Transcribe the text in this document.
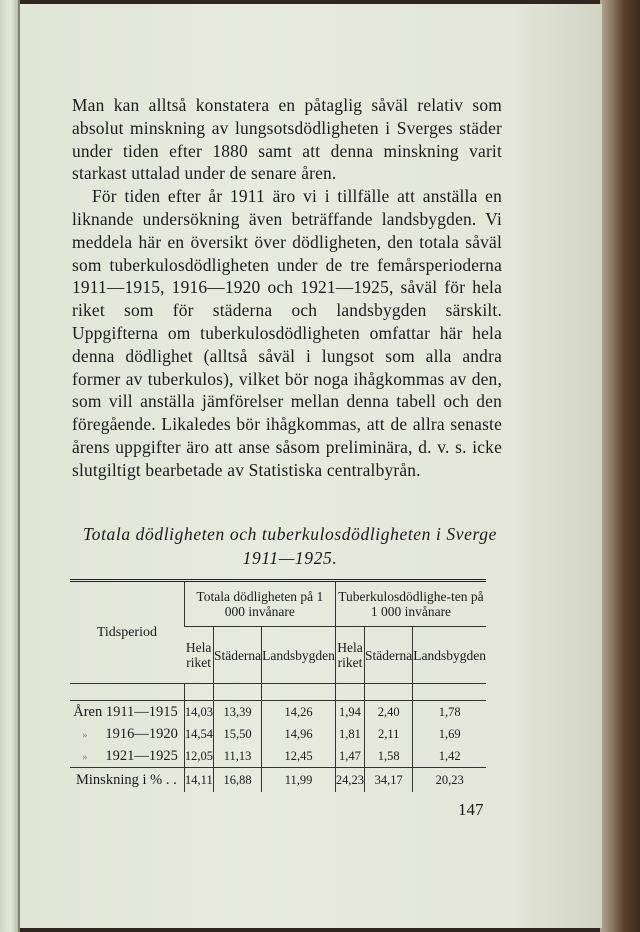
Man kan alltså konstatera en påtaglig såväl relativ som absolut minskning av lungsotsdödligheten i Sverges städer under tiden efter 1880 samt att denna minskning varit starkast uttalad under de senare åren.

För tiden efter år 1911 äro vi i tillfälle att anställa en liknande undersökning även beträffande landsbygden. Vi meddela här en översikt över dödligheten, den totala såväl som tuberkulosdödligheten under de tre femårsperioderna 1911—1915, 1916—1920 och 1921—1925, såväl för hela riket som för städerna och landsbygden särskilt. Uppgifterna om tuberkulosdödligheten omfattar här hela denna dödlighet (alltså såväl i lungsot som alla andra former av tuberkulos), vilket bör noga ihågkommas av den, som vill anställa jämförelser mellan denna tabell och den föregående. Likaledes bör ihågkommas, att de allra senaste årens uppgifter äro att anse såsom preliminära, d. v. s. icke slutgiltigt bearbetade av Statistiska centralbyrån.

Totala dödligheten och tuberkulosdödligheten i Sverge
1911—1925.
Tidsperiod	Totala dödligheten på 1 000 invånare			Tuberkulosdödlighe-ten på 1 000 invånare		
	Hela riket	Städerna	Landsbygden	Hela riket	Städerna	Landsbygden

Åren 1911—1915	14,03	13,39	14,26	1,94	2,40	1,78
» 1916—1920	14,54	15,50	14,96	1,81	2,11	1,69
» 1921—1925	12,05	11,13	12,45	1,47	1,58	1,42
Minskning i % . .	14,11	16,88	11,99	24,23	34,17	20,23
147
